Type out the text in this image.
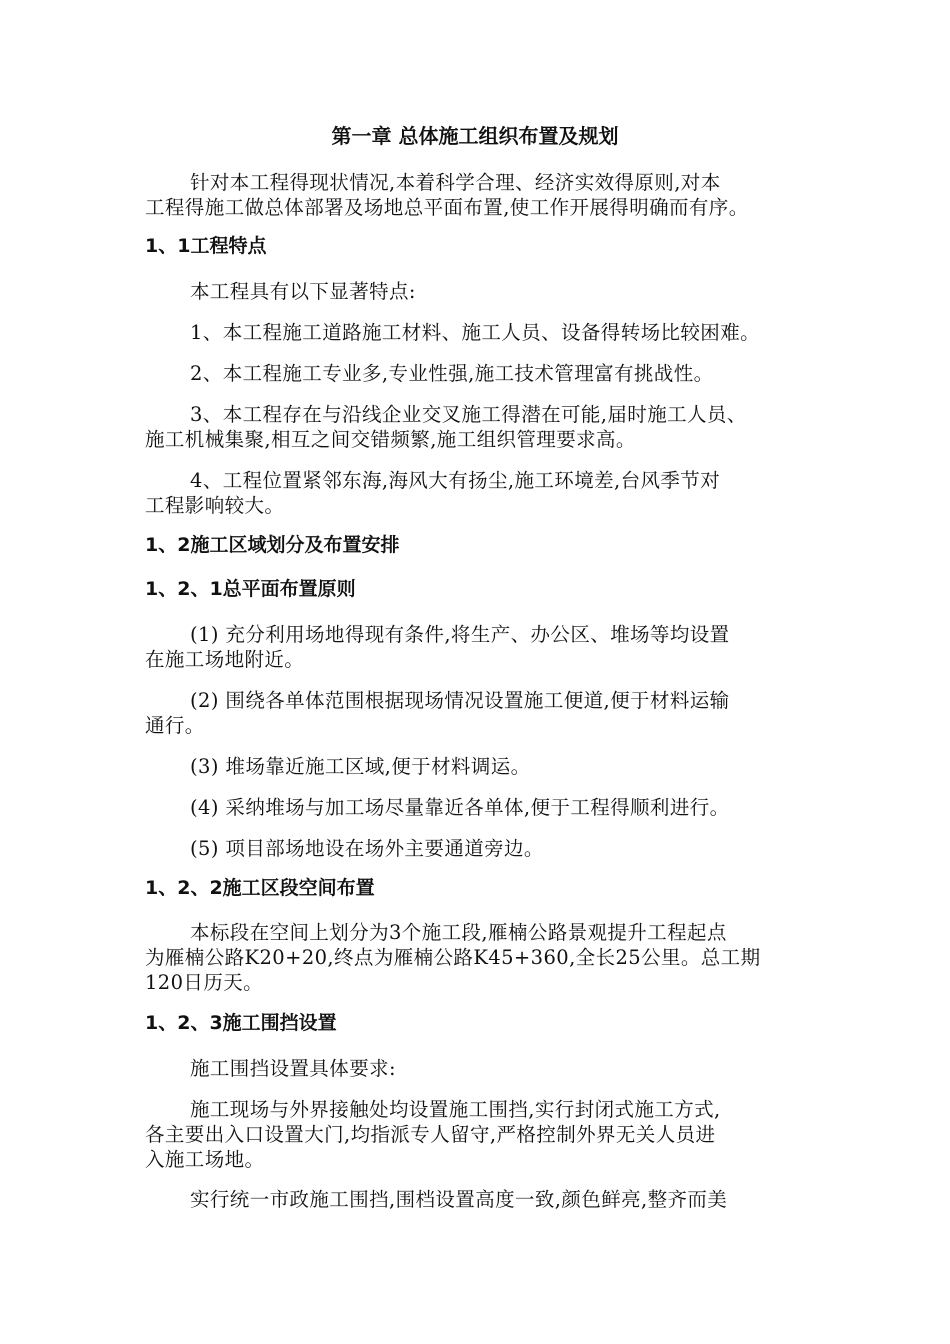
第一章 总体施工组织布置及规划
针对本工程得现状情况,本着科学合理、经济实效得原则,对本
工程得施工做总体部署及场地总平面布置,使工作开展得明确而有序。
1、1工程特点
本工程具有以下显著特点:
1、本工程施工道路施工材料、施工人员、设备得转场比较困难。
2、本工程施工专业多,专业性强,施工技术管理富有挑战性。
3、本工程存在与沿线企业交叉施工得潜在可能,届时施工人员、
施工机械集聚,相互之间交错频繁,施工组织管理要求高。
4、工程位置紧邻东海,海风大有扬尘,施工环境差,台风季节对
工程影响较大。
1、2施工区域划分及布置安排
1、2、1总平面布置原则
(1) 充分利用场地得现有条件,将生产、办公区、堆场等均设置
在施工场地附近。
(2) 围绕各单体范围根据现场情况设置施工便道,便于材料运输
通行。
(3) 堆场靠近施工区域,便于材料调运。
(4) 采纳堆场与加工场尽量靠近各单体,便于工程得顺利进行。
(5) 项目部场地设在场外主要通道旁边。
1、2、2施工区段空间布置
本标段在空间上划分为3个施工段,雁楠公路景观提升工程起点
为雁楠公路K20+20,终点为雁楠公路K45+360,全长25公里。总工期
120日历天。
1、2、3施工围挡设置
施工围挡设置具体要求:
施工现场与外界接触处均设置施工围挡,实行封闭式施工方式,
各主要出入口设置大门,均指派专人留守,严格控制外界无关人员进
入施工场地。
实行统一市政施工围挡,围档设置高度一致,颜色鲜亮,整齐而美
